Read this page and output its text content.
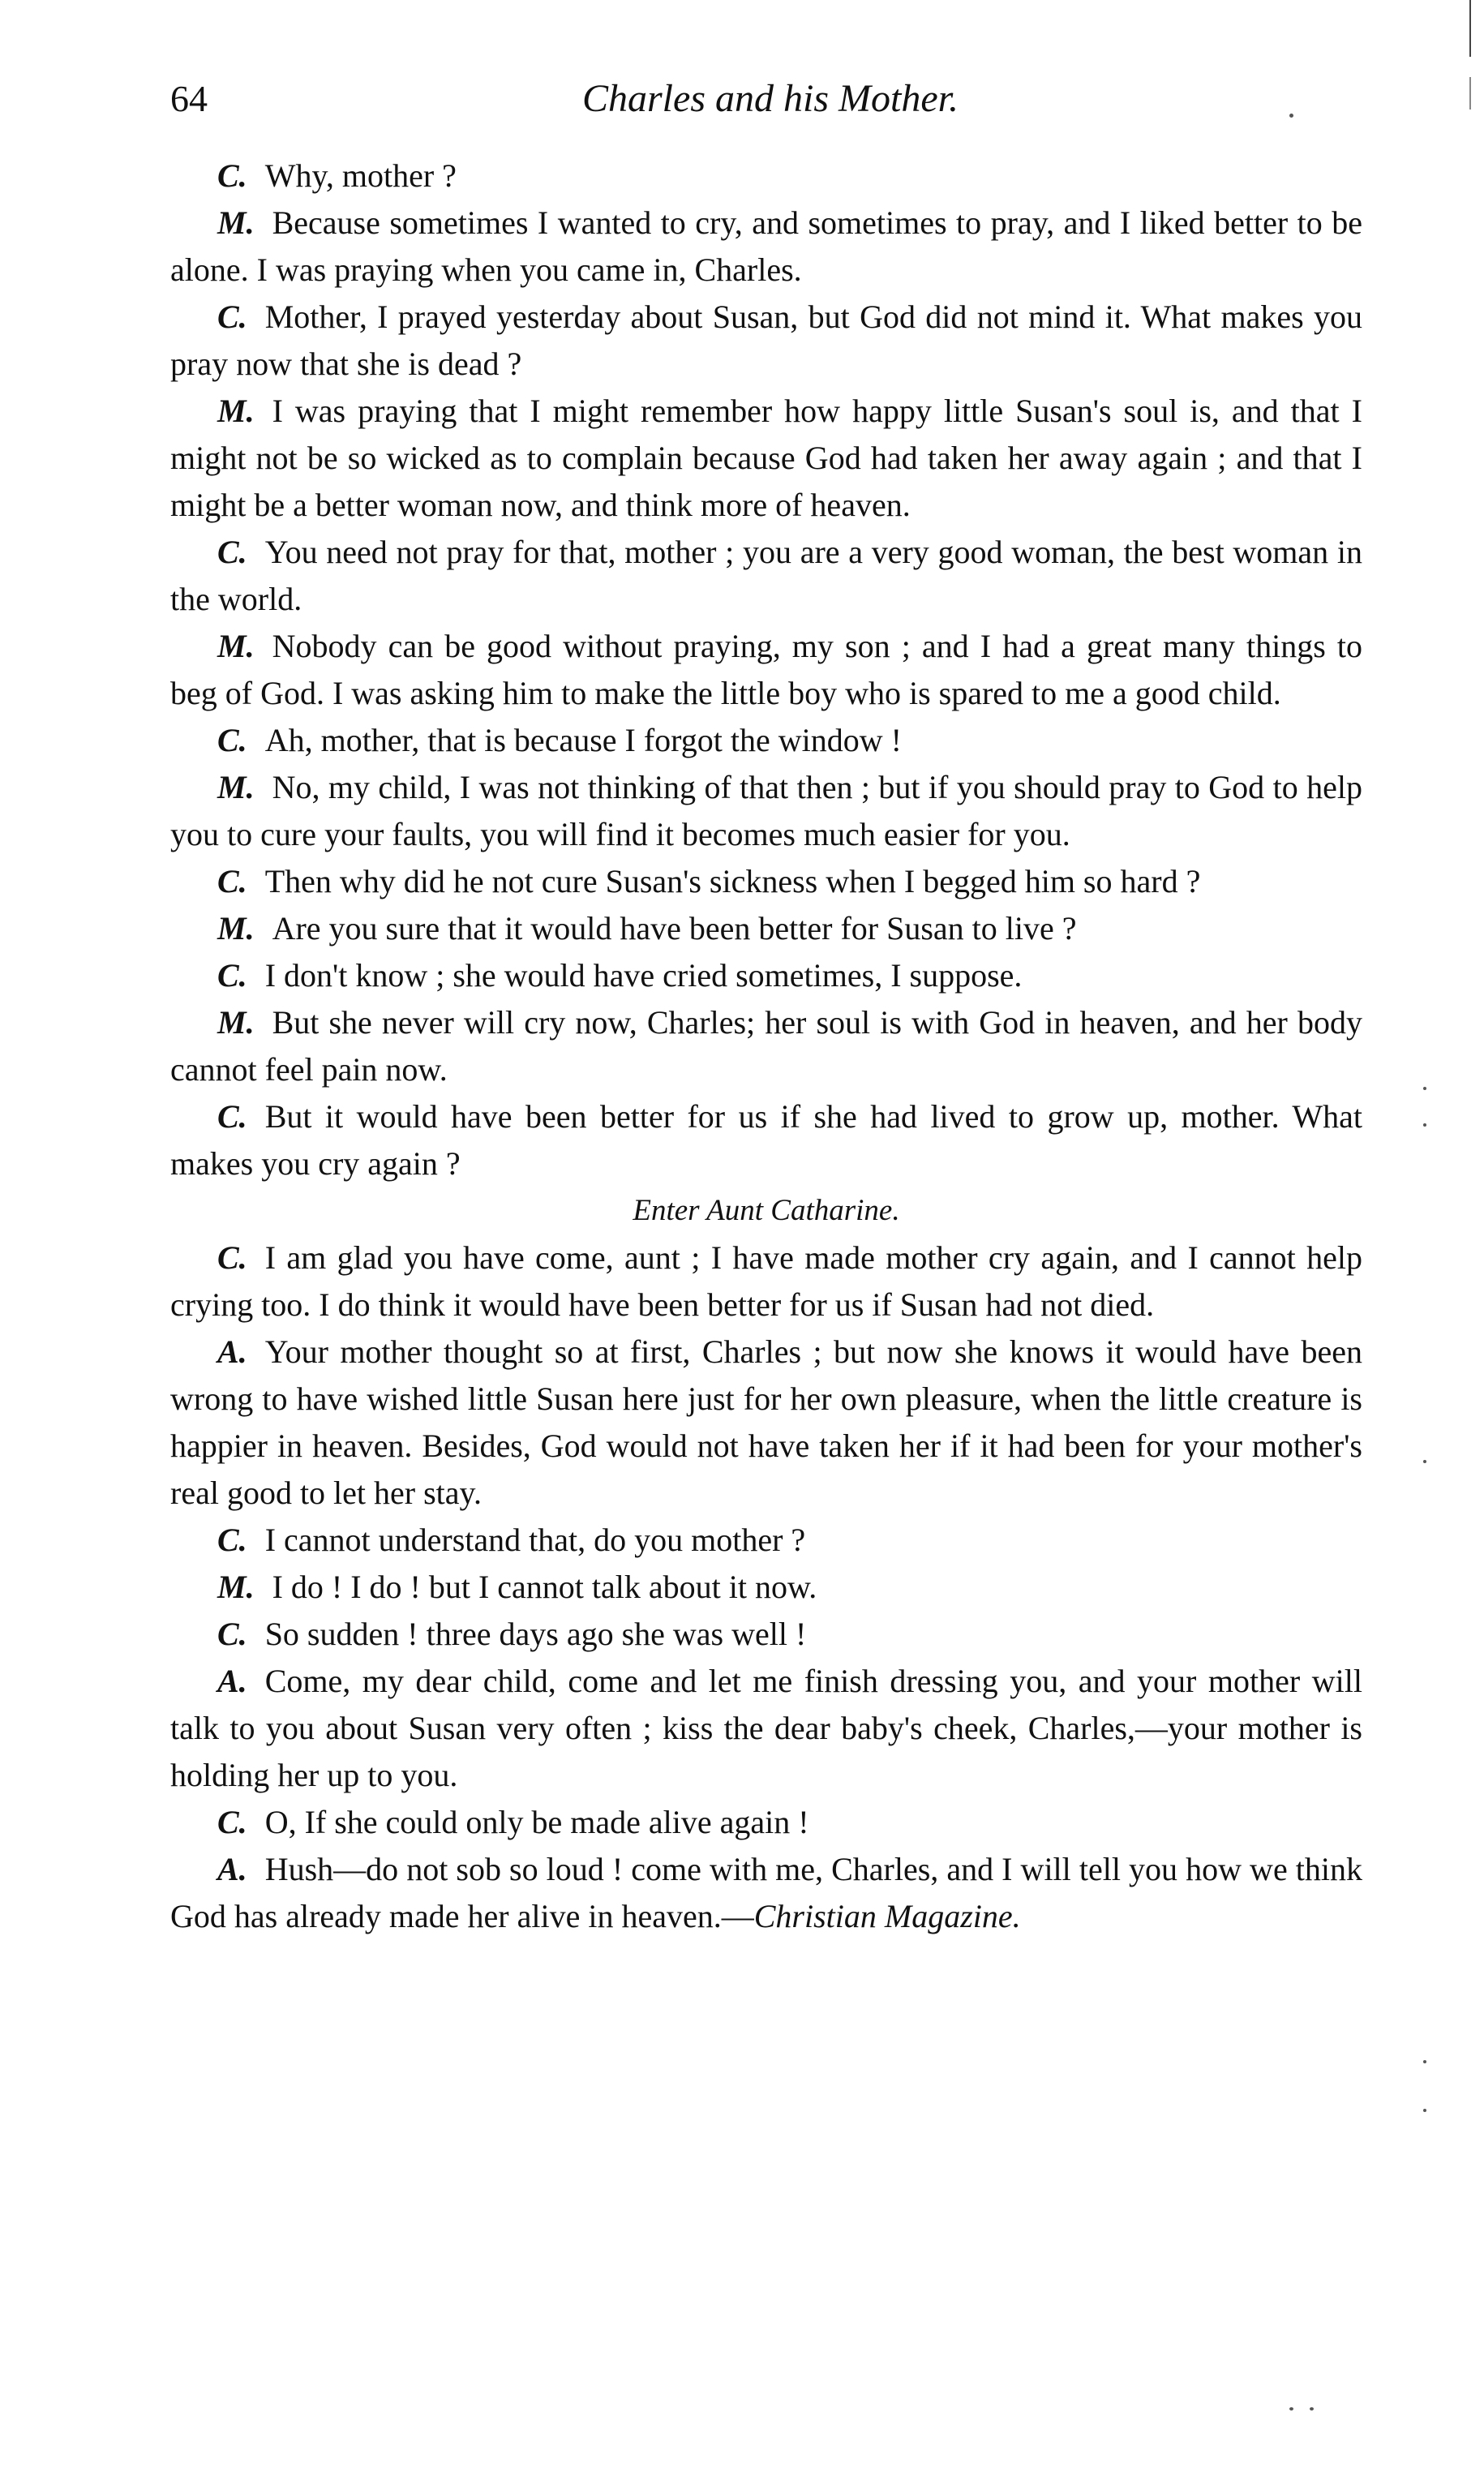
64	Charles and his Mother.

C. Why, mother ?

M. Because sometimes I wanted to cry, and sometimes to pray, and I liked better to be alone. I was praying when you came in, Charles.

C. Mother, I prayed yesterday about Susan, but God did not mind it. What makes you pray now that she is dead ?

M. I was praying that I might remember how happy little Susan's soul is, and that I might not be so wicked as to complain because God had taken her away again ; and that I might be a better woman now, and think more of heaven.

C. You need not pray for that, mother ; you are a very good woman, the best woman in the world.

M. Nobody can be good without praying, my son ; and I had a great many things to beg of God. I was asking him to make the little boy who is spared to me a good child.

C. Ah, mother, that is because I forgot the window !

M. No, my child, I was not thinking of that then ; but if you should pray to God to help you to cure your faults, you will find it becomes much easier for you.

C. Then why did he not cure Susan's sickness when I begged him so hard ?

M. Are you sure that it would have been better for Susan to live ?

C. I don't know ; she would have cried sometimes, I suppose.

M. But she never will cry now, Charles; her soul is with God in heaven, and her body cannot feel pain now.

C. But it would have been better for us if she had lived to grow up, mother. What makes you cry again ?

Enter Aunt Catharine.

C. I am glad you have come, aunt ; I have made mother cry again, and I cannot help crying too. I do think it would have been better for us if Susan had not died.

A. Your mother thought so at first, Charles ; but now she knows it would have been wrong to have wished little Susan here just for her own pleasure, when the little creature is happier in heaven. Besides, God would not have taken her if it had been for your mother's real good to let her stay.

C. I cannot understand that, do you mother ?

M. I do ! I do ! but I cannot talk about it now.

C. So sudden ! three days ago she was well !

A. Come, my dear child, come and let me finish dressing you, and your mother will talk to you about Susan very often ; kiss the dear baby's cheek, Charles,—your mother is holding her up to you.

C. O, If she could only be made alive again !

A. Hush—do not sob so loud ! come with me, Charles, and I will tell you how we think God has already made her alive in heaven.—Christian Magazine.
